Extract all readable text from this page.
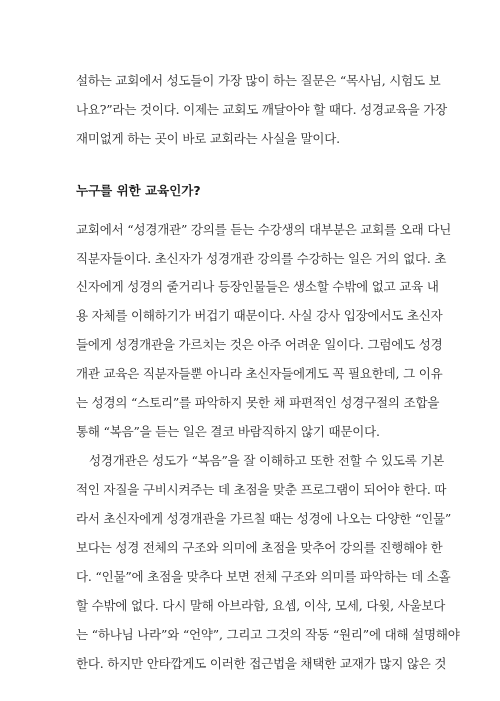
설하는 교회에서 성도들이 가장 많이 하는 질문은 “목사님, 시험도 보
나요?”라는 것이다. 이제는 교회도 깨달아야 할 때다. 성경교육을 가장
재미없게 하는 곳이 바로 교회라는 사실을 말이다.
누구를 위한 교육인가?
교회에서 “성경개관” 강의를 듣는 수강생의 대부분은 교회를 오래 다닌
직분자들이다. 초신자가 성경개관 강의를 수강하는 일은 거의 없다. 초
신자에게 성경의 줄거리나 등장인물들은 생소할 수밖에 없고 교육 내
용 자체를 이해하기가 버겁기 때문이다. 사실 강사 입장에서도 초신자
들에게 성경개관을 가르치는 것은 아주 어려운 일이다. 그럼에도 성경
개관 교육은 직분자들뿐 아니라 초신자들에게도 꼭 필요한데, 그 이유
는 성경의 “스토리”를 파악하지 못한 채 파편적인 성경구절의 조합을
통해 “복음”을 듣는 일은 결코 바람직하지 않기 때문이다.
성경개관은 성도가 “복음”을 잘 이해하고 또한 전할 수 있도록 기본
적인 자질을 구비시켜주는 데 초점을 맞춘 프로그램이 되어야 한다. 따
라서 초신자에게 성경개관을 가르칠 때는 성경에 나오는 다양한 “인물”
보다는 성경 전체의 구조와 의미에 초점을 맞추어 강의를 진행해야 한
다. “인물”에 초점을 맞추다 보면 전체 구조와 의미를 파악하는 데 소홀
할 수밖에 없다. 다시 말해 아브라함, 요셉, 이삭, 모세, 다윗, 사울보다
는 “하나님 나라”와 “언약”, 그리고 그것의 작동 “원리”에 대해 설명해야
한다. 하지만 안타깝게도 이러한 접근법을 채택한 교재가 많지 않은 것
